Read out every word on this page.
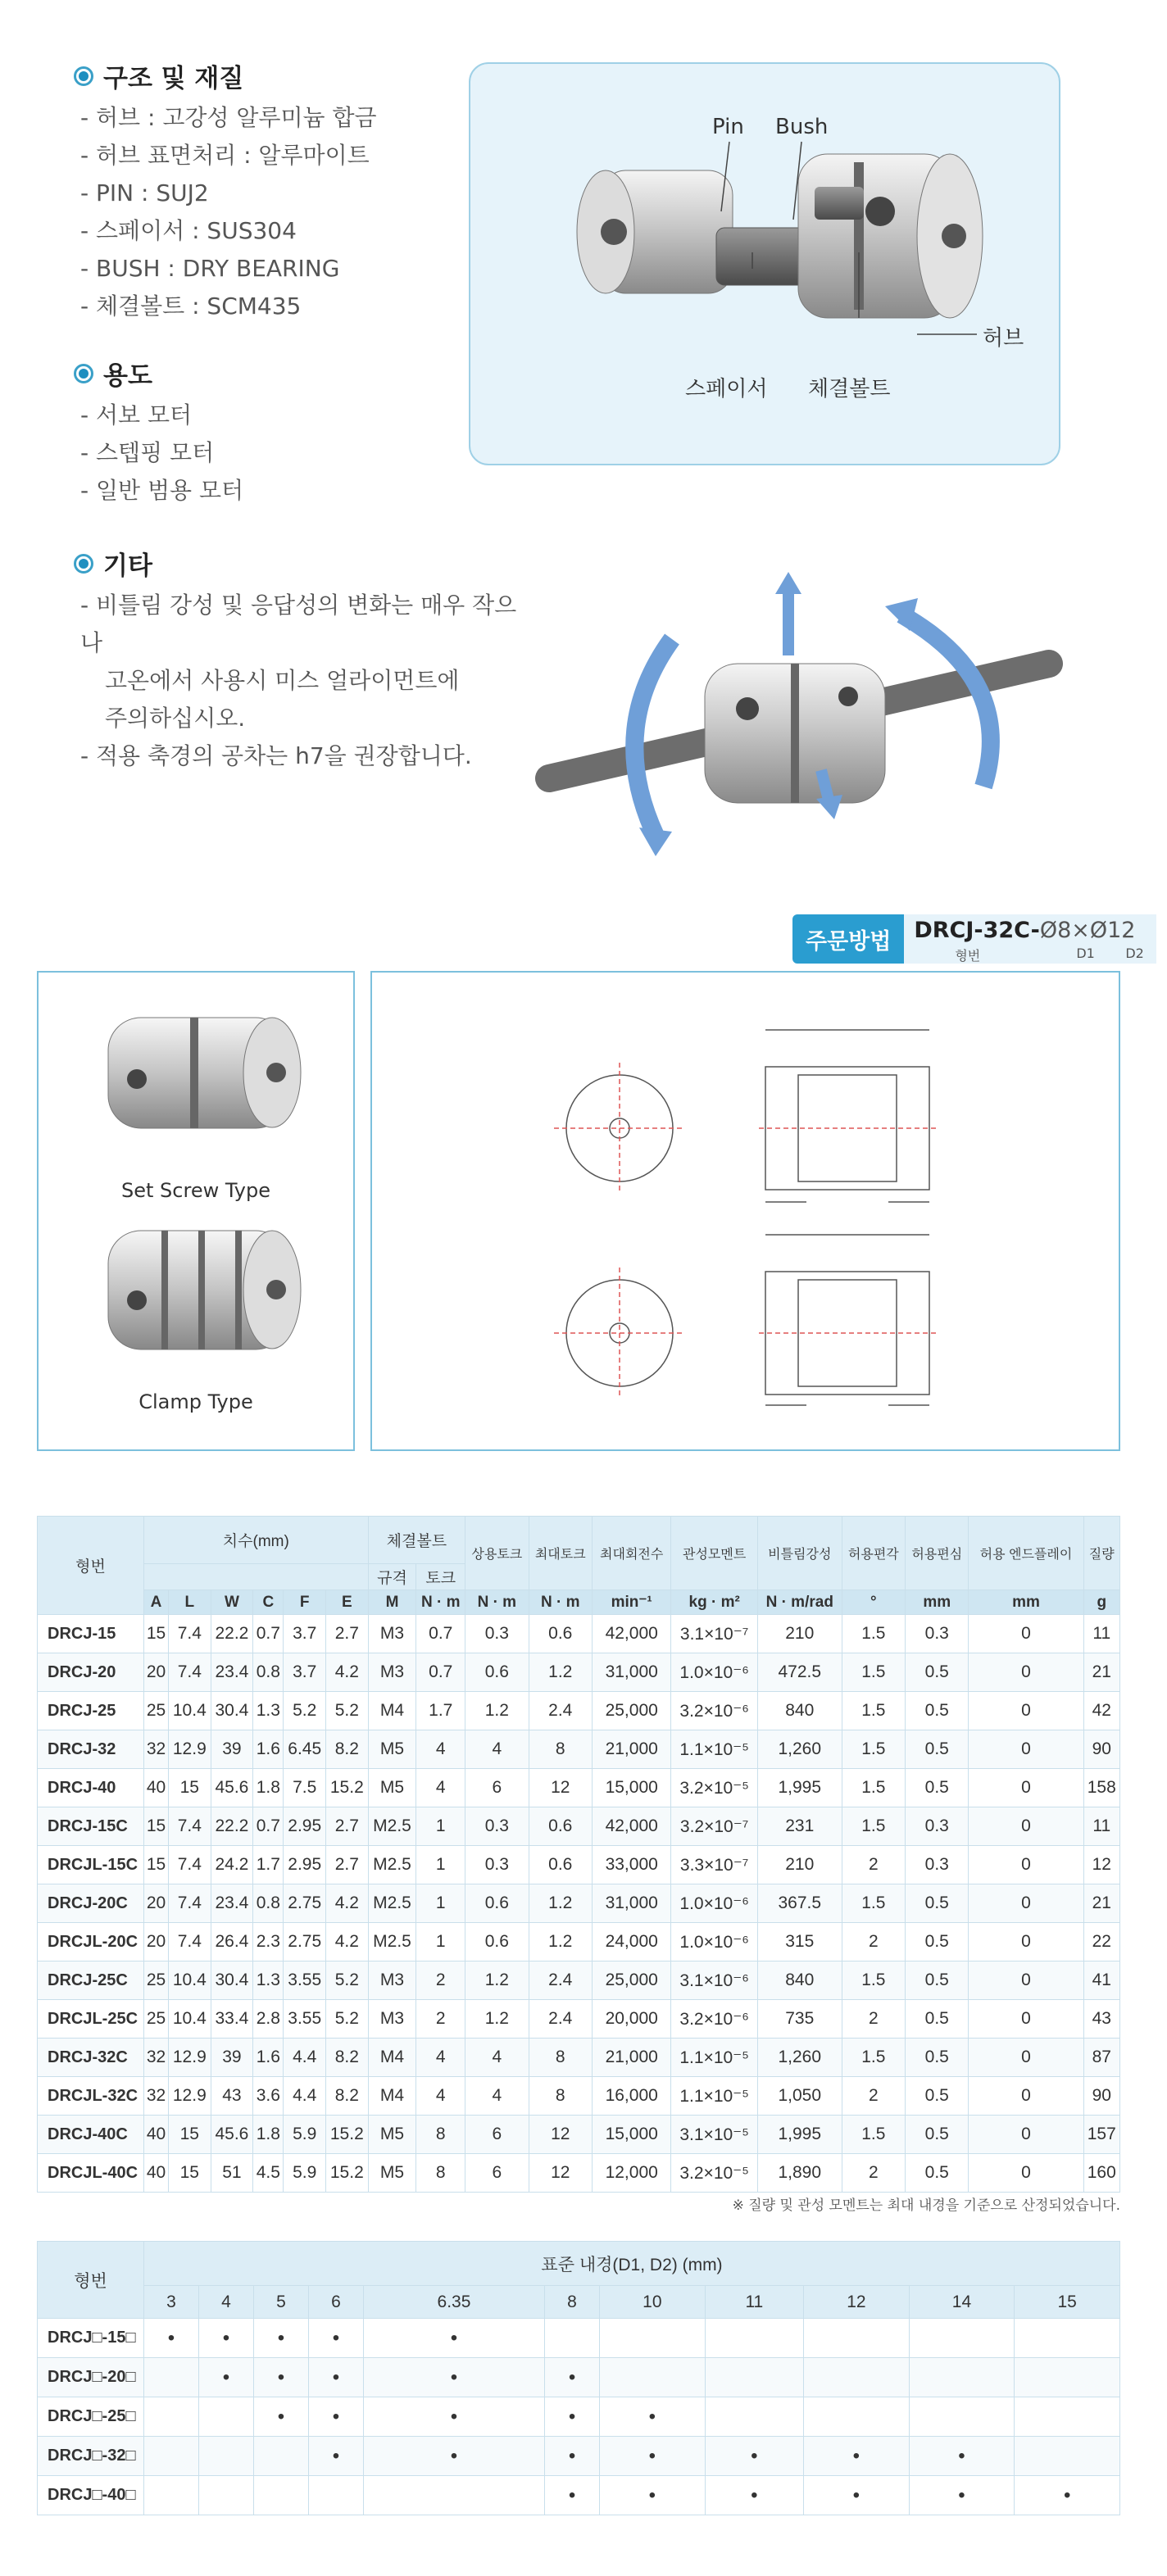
구조 및 재질
- 허브 : 고강성 알루미늄 합금
- 허브 표면처리 : 알루마이트
- PIN : SUJ2
- 스페이서 : SUS304
- BUSH : DRY BEARING
- 체결볼트 : SCM435
용도
- 서보 모터
- 스텝핑 모터
- 일반 범용 모터
기타
- 비틀림 강성 및 응답성의 변화는 매우 작으나
고온에서 사용시 미스 얼라이먼트에
주의하십시오.
- 적용 축경의 공차는 h7을 권장합니다.
Pin Bush
허브
스페이서 체결볼트
주문방법	DRCJ-32C-Ø8×Ø12
형번	D1 D2
Set Screw Type
Clamp Type
형번	치수(mm)						체결볼트		상용토크	최대토크	최대회전수	관성모멘트	비틀림강성	허용편각	허용편심	허용 엔드플레이	질량
							규격	토크									
	A	L	W	C	F	E	M	N · m	N · m	N · m	min⁻¹	kg · m²	N · m/rad	°	mm	mm	g
DRCJ-15	15	7.4	22.2	0.7	3.7	2.7	M3	0.7	0.3	0.6	42,000	3.1×10⁻⁷	210	1.5	0.3	0	11
DRCJ-20	20	7.4	23.4	0.8	3.7	4.2	M3	0.7	0.6	1.2	31,000	1.0×10⁻⁶	472.5	1.5	0.5	0	21
DRCJ-25	25	10.4	30.4	1.3	5.2	5.2	M4	1.7	1.2	2.4	25,000	3.2×10⁻⁶	840	1.5	0.5	0	42
DRCJ-32	32	12.9	39	1.6	6.45	8.2	M5	4	4	8	21,000	1.1×10⁻⁵	1,260	1.5	0.5	0	90
DRCJ-40	40	15	45.6	1.8	7.5	15.2	M5	4	6	12	15,000	3.2×10⁻⁵	1,995	1.5	0.5	0	158
DRCJ-15C	15	7.4	22.2	0.7	2.95	2.7	M2.5	1	0.3	0.6	42,000	3.2×10⁻⁷	231	1.5	0.3	0	11
DRCJL-15C	15	7.4	24.2	1.7	2.95	2.7	M2.5	1	0.3	0.6	33,000	3.3×10⁻⁷	210	2	0.3	0	12
DRCJ-20C	20	7.4	23.4	0.8	2.75	4.2	M2.5	1	0.6	1.2	31,000	1.0×10⁻⁶	367.5	1.5	0.5	0	21
DRCJL-20C	20	7.4	26.4	2.3	2.75	4.2	M2.5	1	0.6	1.2	24,000	1.0×10⁻⁶	315	2	0.5	0	22
DRCJ-25C	25	10.4	30.4	1.3	3.55	5.2	M3	2	1.2	2.4	25,000	3.1×10⁻⁶	840	1.5	0.5	0	41
DRCJL-25C	25	10.4	33.4	2.8	3.55	5.2	M3	2	1.2	2.4	20,000	3.2×10⁻⁶	735	2	0.5	0	43
DRCJ-32C	32	12.9	39	1.6	4.4	8.2	M4	4	4	8	21,000	1.1×10⁻⁵	1,260	1.5	0.5	0	87
DRCJL-32C	32	12.9	43	3.6	4.4	8.2	M4	4	4	8	16,000	1.1×10⁻⁵	1,050	2	0.5	0	90
DRCJ-40C	40	15	45.6	1.8	5.9	15.2	M5	8	6	12	15,000	3.1×10⁻⁵	1,995	1.5	0.5	0	157
DRCJL-40C	40	15	51	4.5	5.9	15.2	M5	8	6	12	12,000	3.2×10⁻⁵	1,890	2	0.5	0	160
※ 질량 및 관성 모멘트는 최대 내경을 기준으로 산정되었습니다.
형번	표준 내경(D1, D2) (mm)										
	3	4	5	6	6.35	8	10	11	12	14	15
DRCJ□-15□	•	•	•	•	•						
DRCJ□-20□		•	•	•	•	•					
DRCJ□-25□			•	•	•	•	•				
DRCJ□-32□				•	•	•	•	•	•	•	
DRCJ□-40□						•	•	•	•	•	•
